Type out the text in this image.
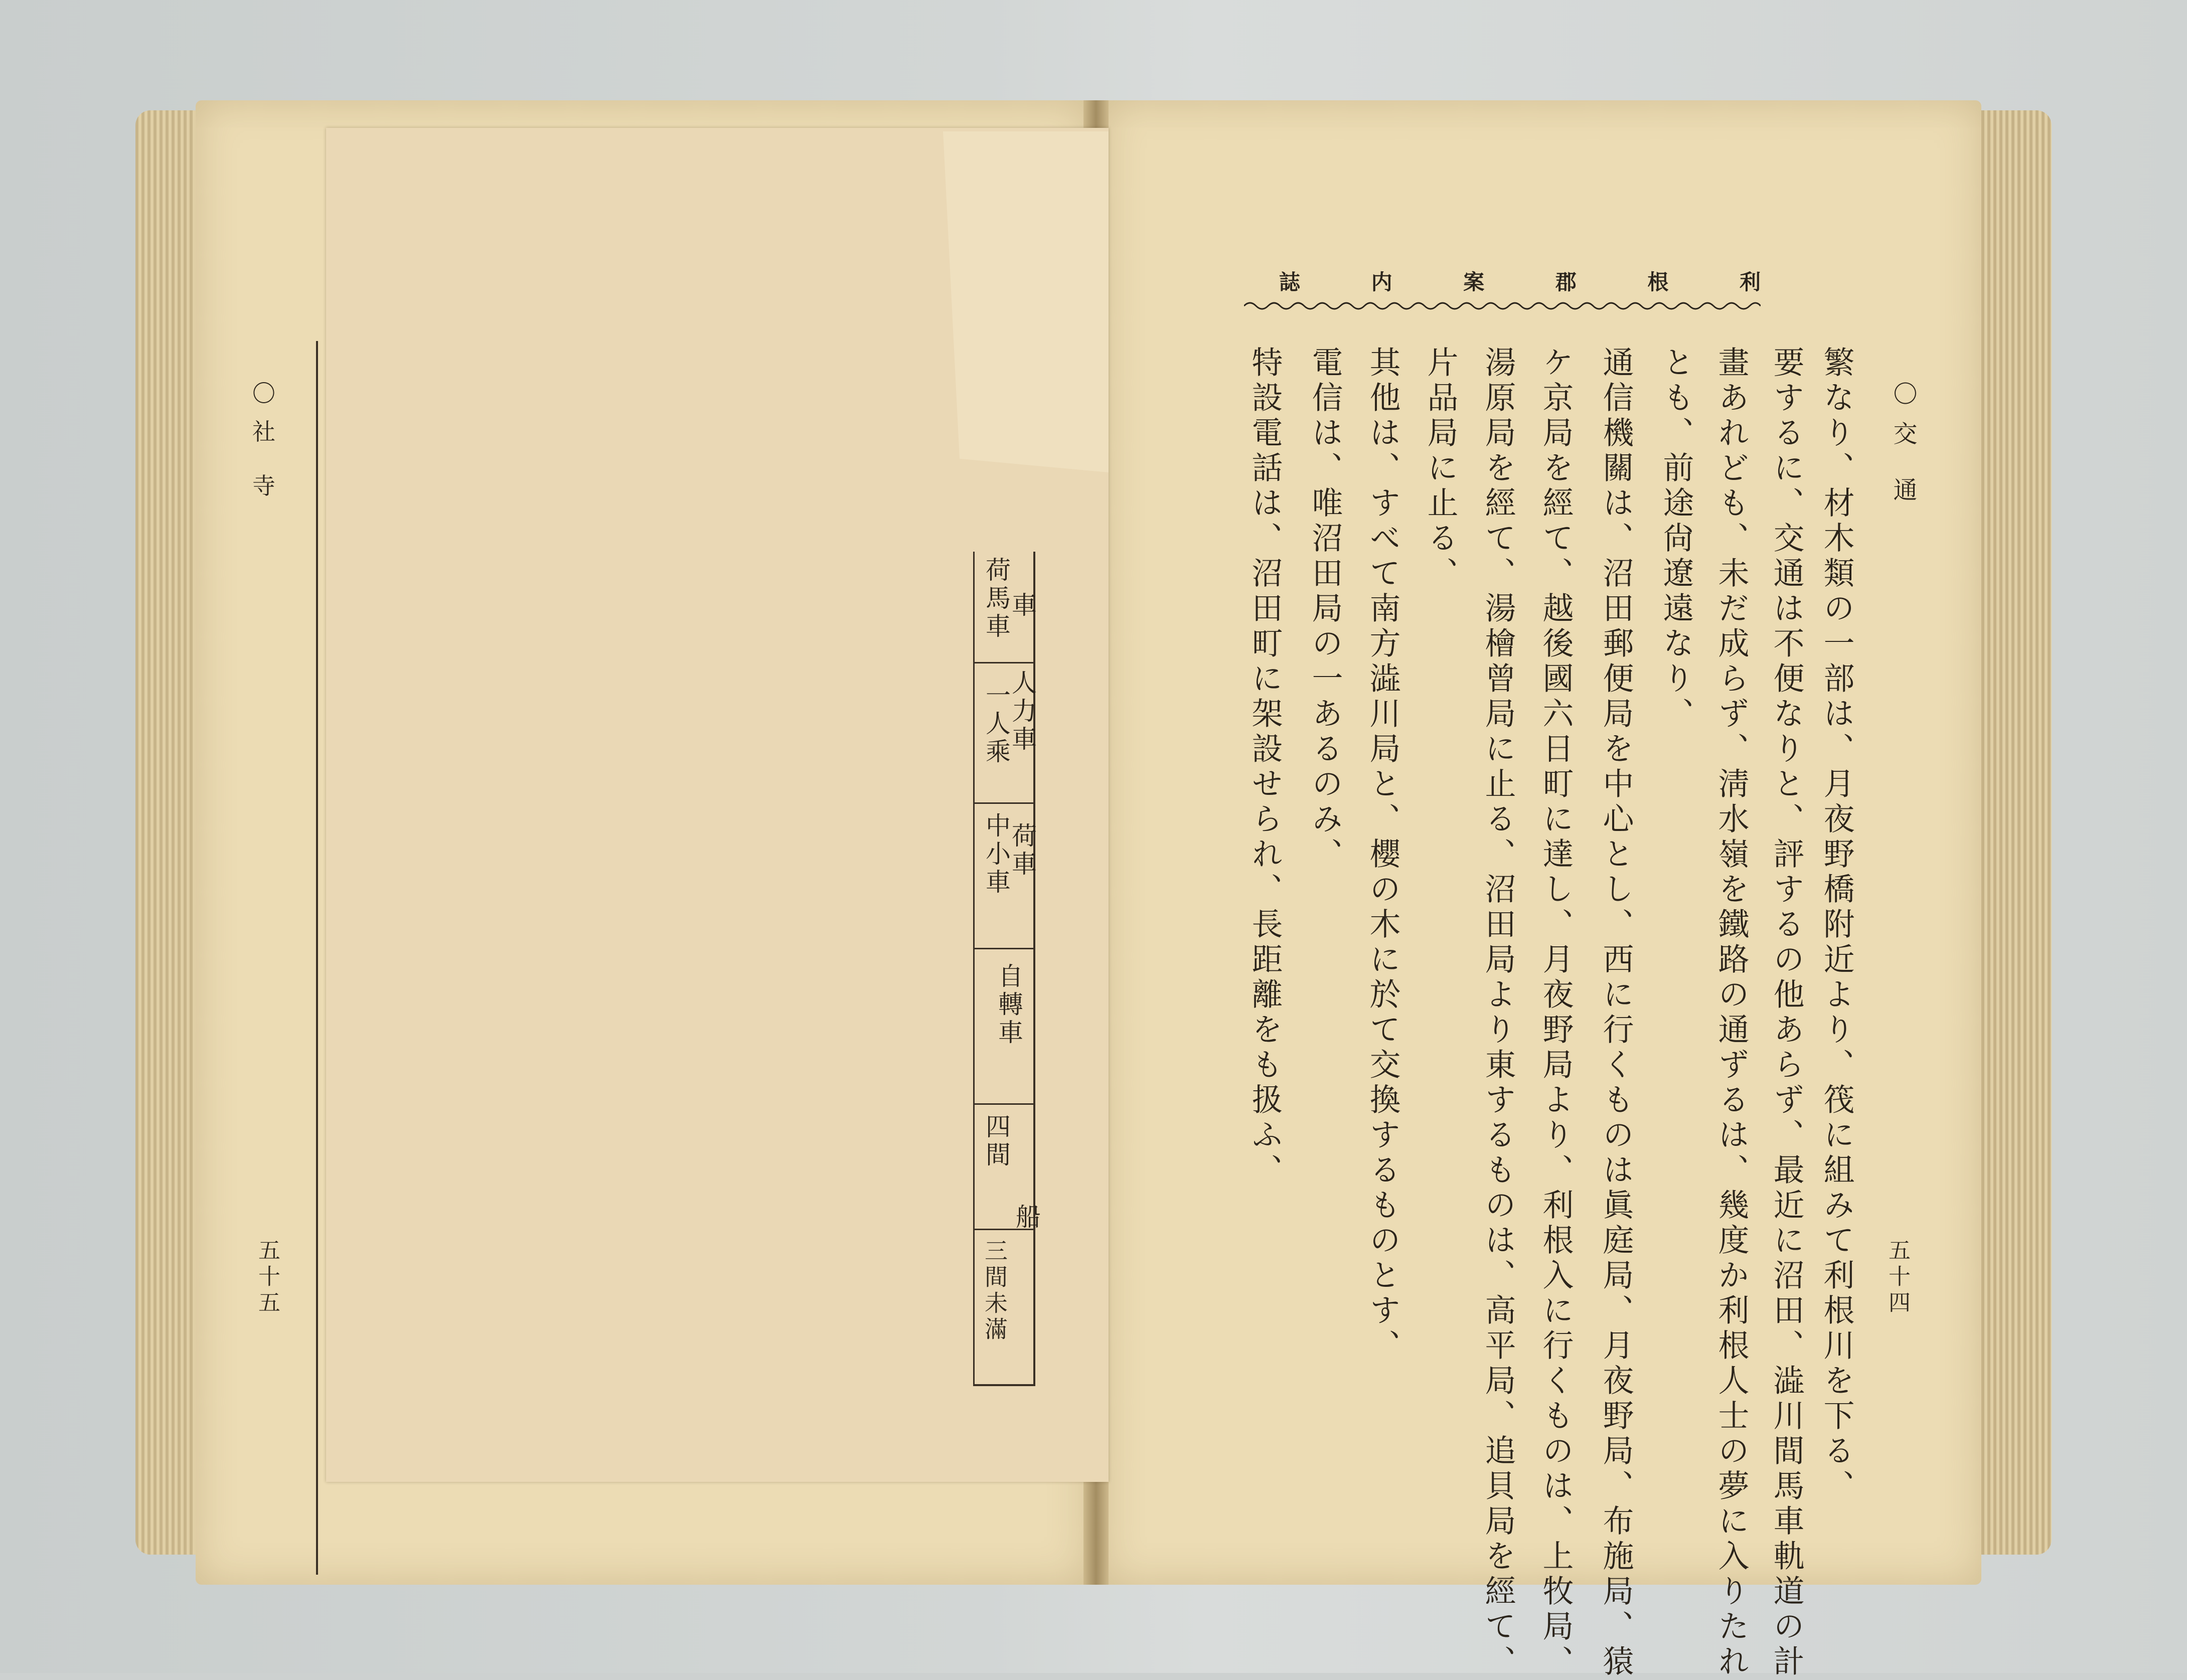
〇 社　寺

五十五
車
荷馬車
人力車
一人乘
荷車
中小車
自轉車
四間
船
三間未滿
利
根
郡
案
内
誌
〇 交　通
繁なり、材木類の一部は、月夜野橋附近より、筏に組みて利根川を下る、
要するに、交通は不便なりと、評するの他あらず、最近に沼田、澁川間馬車軌道の計
畫あれども、未だ成らず、淸水嶺を鐵路の通ずるは、幾度か利根人士の夢に入りたれ
とも、前途尙遼遠なり、
通信機關は、沼田郵便局を中心とし、西に行くものは眞庭局、月夜野局、布施局、猿
ケ京局を經て、越後國六日町に達し、月夜野局より、利根入に行くものは、上牧局、
湯原局を經て、湯檜曾局に止る、沼田局より東するものは、高平局、追貝局を經て、
片品局に止る、
其他は、すべて南方澁川局と、櫻の木に於て交換するものとす、
電信は、唯沼田局の一あるのみ、
特設電話は、沼田町に架設せられ、長距離をも扱ふ、
五十四
